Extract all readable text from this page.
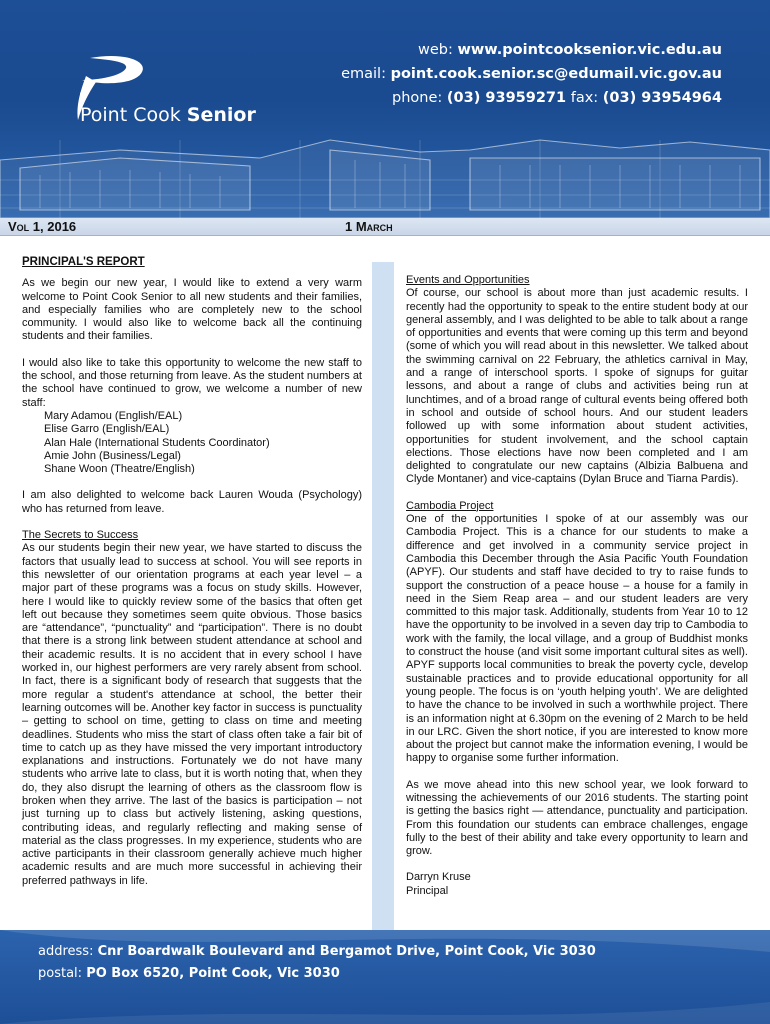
Point Cook Senior
web: www.pointcooksenior.vic.edu.au
email: point.cook.senior.sc@edumail.vic.gov.au
phone: (03) 93959271 fax: (03) 93954964
Vol 1, 2016	1 March
PRINCIPAL'S REPORT

As we begin our new year, I would like to extend a very warm welcome to Point Cook Senior to all new students and their families, and especially families who are completely new to the school community. I would also like to welcome back all the continuing students and their families.

I would also like to take this opportunity to welcome the new staff to the school, and those returning from leave. As the student numbers at the school have continued to grow, we welcome a number of new staff:

Mary Adamou (English/EAL)
Elise Garro (English/EAL)
Alan Hale (International Students Coordinator)
Amie John (Business/Legal)
Shane Woon (Theatre/English)

I am also delighted to welcome back Lauren Wouda (Psychology) who has returned from leave.

The Secrets to Success
As our students begin their new year, we have started to discuss the factors that usually lead to success at school. You will see reports in this newsletter of our orientation programs at each year level – a major part of these programs was a focus on study skills. However, here I would like to quickly review some of the basics that often get left out because they sometimes seem quite obvious. Those basics are “attendance”, “punctuality” and “participation”. There is no doubt that there is a strong link between student attendance at school and their academic results. It is no accident that in every school I have worked in, our highest performers are very rarely absent from school. In fact, there is a significant body of research that suggests that the more regular a student's attendance at school, the better their learning outcomes will be. Another key factor in success is punctuality – getting to school on time, getting to class on time and meeting deadlines. Students who miss the start of class often take a fair bit of time to catch up as they have missed the very important introductory explanations and instructions. Fortunately we do not have many students who arrive late to class, but it is worth noting that, when they do, they also disrupt the learning of others as the classroom flow is broken when they arrive. The last of the basics is participation – not just turning up to class but actively listening, asking questions, contributing ideas, and regularly reflecting and making sense of material as the class progresses. In my experience, students who are active participants in their classroom generally achieve much higher academic results and are much more successful in achieving their preferred pathways in life.

Events and Opportunities
Of course, our school is about more than just academic results. I recently had the opportunity to speak to the entire student body at our general assembly, and I was delighted to be able to talk about a range of opportunities and events that were coming up this term and beyond (some of which you will read about in this newsletter. We talked about the swimming carnival on 22 February, the athletics carnival in May, and a range of interschool sports. I spoke of signups for guitar lessons, and about a range of clubs and activities being run at lunchtimes, and of a broad range of cultural events being offered both in school and outside of school hours. And our student leaders followed up with some information about student activities, opportunities for student involvement, and the school captain elections. Those elections have now been completed and I am delighted to congratulate our new captains (Albizia Balbuena and Clyde Montaner) and vice-captains (Dylan Bruce and Tiarna Pardis).

Cambodia Project
One of the opportunities I spoke of at our assembly was our Cambodia Project. This is a chance for our students to make a difference and get involved in a community service project in Cambodia this December through the Asia Pacific Youth Foundation (APYF). Our students and staff have decided to try to raise funds to support the construction of a peace house – a house for a family in need in the Siem Reap area – and our student leaders are very committed to this major task. Additionally, students from Year 10 to 12 have the opportunity to be involved in a seven day trip to Cambodia to work with the family, the local village, and a group of Buddhist monks to construct the house (and visit some important cultural sites as well). APYF supports local communities to break the poverty cycle, develop sustainable practices and to provide educational opportunity for all young people. The focus is on ‘youth helping youth’. We are delighted to have the chance to be involved in such a worthwhile project. There is an information night at 6.30pm on the evening of 2 March to be held in our LRC. Given the short notice, if you are interested to know more about the project but cannot make the information evening, I would be happy to organise some further information.

As we move ahead into this new school year, we look forward to witnessing the achievements of our 2016 students. The starting point is getting the basics right — attendance, punctuality and participation. From this foundation our students can embrace challenges, engage fully to the best of their ability and take every opportunity to learn and grow.

Darryn Kruse
Principal
address: Cnr Boardwalk Boulevard and Bergamot Drive, Point Cook, Vic 3030
postal: PO Box 6520, Point Cook, Vic 3030
